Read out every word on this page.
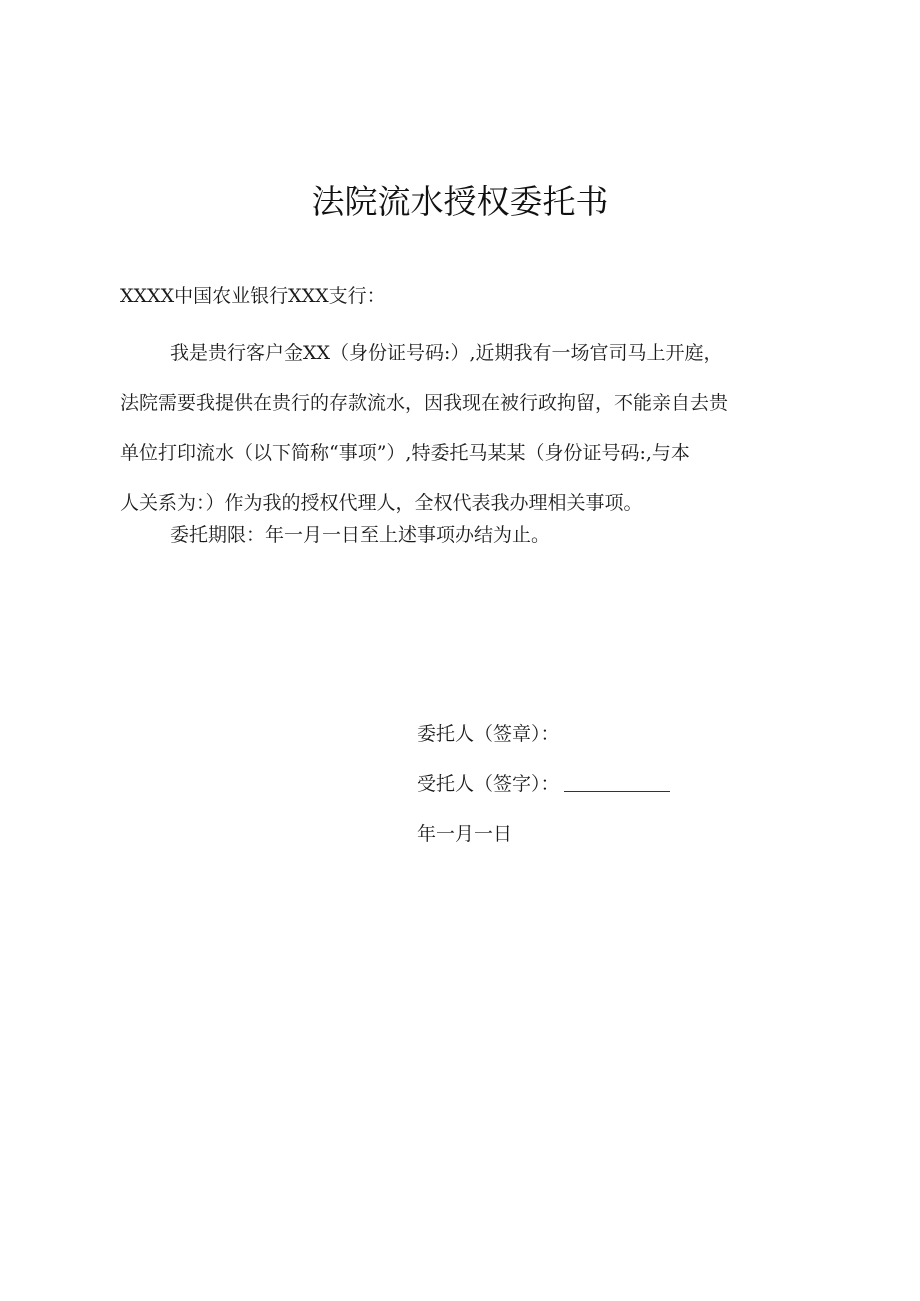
法院流水授权委托书
XXXX中国农业银行XXX支行：
我是贵行客户金XX（身份证号码:）,近期我有一场官司马上开庭，
法院需要我提供在贵行的存款流水，因我现在被行政拘留，不能亲自去贵
单位打印流水（以下简称“事项”）,特委托马某某（身份证号码:,与本
人关系为：）作为我的授权代理人，全权代表我办理相关事项。
委托期限：年一月一日至上述事项办结为止。
委托人（签章）：
受托人（签字）：
年一月一日
